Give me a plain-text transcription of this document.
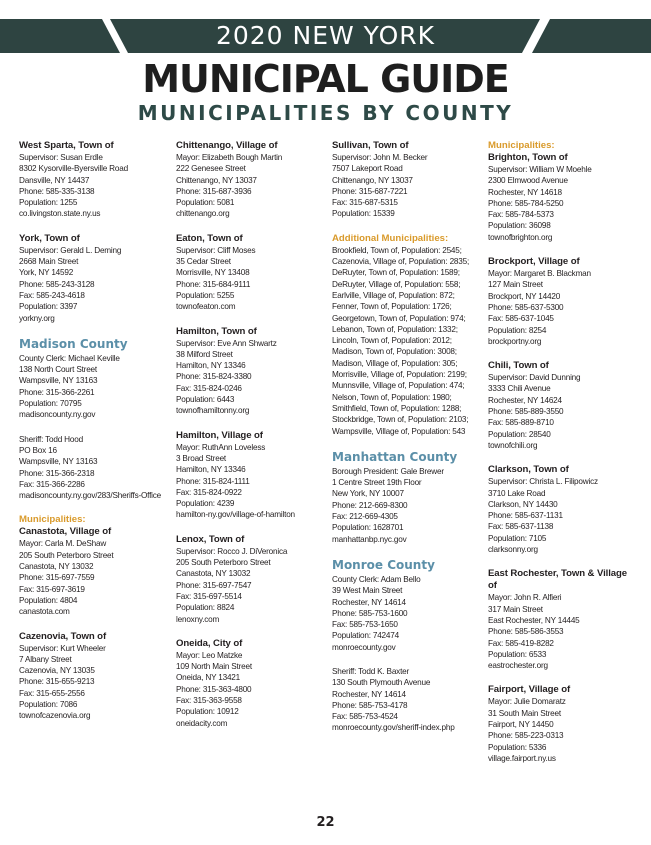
2020 NEW YORK
MUNICIPAL GUIDE
MUNICIPALITIES BY COUNTY
West Sparta, Town of
Supervisor: Susan Erdle
8302 Kysorville-Byersville Road
Dansville, NY 14437
Phone: 585-335-3138
Population: 1255
co.livingston.state.ny.us
York, Town of
Supervisor: Gerald L. Deming
2668 Main Street
York, NY 14592
Phone: 585-243-3128
Fax: 585-243-4618
Population: 3397
yorkny.org
Madison County
County Clerk: Michael Keville
138 North Court Street
Wampsville, NY 13163
Phone: 315-366-2261
Population: 70795
madisoncounty.ny.gov
Sheriff: Todd Hood
PO Box 16
Wampsville, NY 13163
Phone: 315-366-2318
Fax: 315-366-2286
madisoncounty.ny.gov/283/Sheriffs-Office
Municipalities:
Canastota, Village of
Mayor: Carla M. DeShaw
205 South Peterboro Street
Canastota, NY 13032
Phone: 315-697-7559
Fax: 315-697-3619
Population: 4804
canastota.com
Cazenovia, Town of
Supervisor: Kurt Wheeler
7 Albany Street
Cazenovia, NY 13035
Phone: 315-655-9213
Fax: 315-655-2556
Population: 7086
townofcazenovia.org
Chittenango, Village of
Mayor: Elizabeth Bough Martin
222 Genesee Street
Chittenango, NY 13037
Phone: 315-687-3936
Population: 5081
chittenango.org
Eaton, Town of
Supervisor: Cliff Moses
35 Cedar Street
Morrisville, NY 13408
Phone: 315-684-9111
Population: 5255
townofeaton.com
Hamilton, Town of
Supervisor: Eve Ann Shwartz
38 Milford Street
Hamilton, NY 13346
Phone: 315-824-3380
Fax: 315-824-0246
Population: 6443
townofhamiltonny.org
Hamilton, Village of
Mayor: RuthAnn Loveless
3 Broad Street
Hamilton, NY 13346
Phone: 315-824-1111
Fax: 315-824-0922
Population: 4239
hamilton-ny.gov/village-of-hamilton
Lenox, Town of
Supervisor: Rocco J. DiVeronica
205 South Peterboro Street
Canastota, NY 13032
Phone: 315-697-7547
Fax: 315-697-5514
Population: 8824
lenoxny.com
Oneida, City of
Mayor: Leo Matzke
109 North Main Street
Oneida, NY 13421
Phone: 315-363-4800
Fax: 315-363-9558
Population: 10912
oneidacity.com
Sullivan, Town of
Supervisor: John M. Becker
7507 Lakeport Road
Chittenango, NY 13037
Phone: 315-687-7221
Fax: 315-687-5315
Population: 15339
Additional Municipalities:
Brookfield, Town of, Population: 2545; Cazenovia, Village of, Population: 2835; DeRuyter, Town of, Population: 1589; DeRuyter, Village of, Population: 558; Earlville, Village of, Population: 872; Fenner, Town of, Population: 1726; Georgetown, Town of, Population: 974; Lebanon, Town of, Population: 1332; Lincoln, Town of, Population: 2012; Madison, Town of, Population: 3008; Madison, Village of, Population: 305; Morrisville, Village of, Population: 2199; Munnsville, Village of, Population: 474; Nelson, Town of, Population: 1980; Smithfield, Town of, Population: 1288; Stockbridge, Town of, Population: 2103; Wampsville, Village of, Population: 543
Manhattan County
Borough President: Gale Brewer
1 Centre Street 19th Floor
New York, NY 10007
Phone: 212-669-8300
Fax: 212-669-4305
Population: 1628701
manhattanbp.nyc.gov
Monroe County
County Clerk: Adam Bello
39 West Main Street
Rochester, NY 14614
Phone: 585-753-1600
Fax: 585-753-1650
Population: 742474
monroecounty.gov
Sheriff: Todd K. Baxter
130 South Plymouth Avenue
Rochester, NY 14614
Phone: 585-753-4178
Fax: 585-753-4524
monroecounty.gov/sheriff-index.php
Municipalities:
Brighton, Town of
Supervisor: William W Moehle
2300 Elmwood Avenue
Rochester, NY 14618
Phone: 585-784-5250
Fax: 585-784-5373
Population: 36098
townofbrighton.org
Brockport, Village of
Mayor: Margaret B. Blackman
127 Main Street
Brockport, NY 14420
Phone: 585-637-5300
Fax: 585-637-1045
Population: 8254
brockportny.org
Chili, Town of
Supervisor: David Dunning
3333 Chili Avenue
Rochester, NY 14624
Phone: 585-889-3550
Fax: 585-889-8710
Population: 28540
townofchili.org
Clarkson, Town of
Supervisor: Christa L. Filipowicz
3710 Lake Road
Clarkson, NY 14430
Phone: 585-637-1131
Fax: 585-637-1138
Population: 7105
clarksonny.org
East Rochester, Town & Village of
Mayor: John R. Alfieri
317 Main Street
East Rochester, NY 14445
Phone: 585-586-3553
Fax: 585-419-8282
Population: 6533
eastrochester.org
Fairport, Village of
Mayor: Julie Domaratz
31 South Main Street
Fairport, NY 14450
Phone: 585-223-0313
Population: 5336
village.fairport.ny.us
22
